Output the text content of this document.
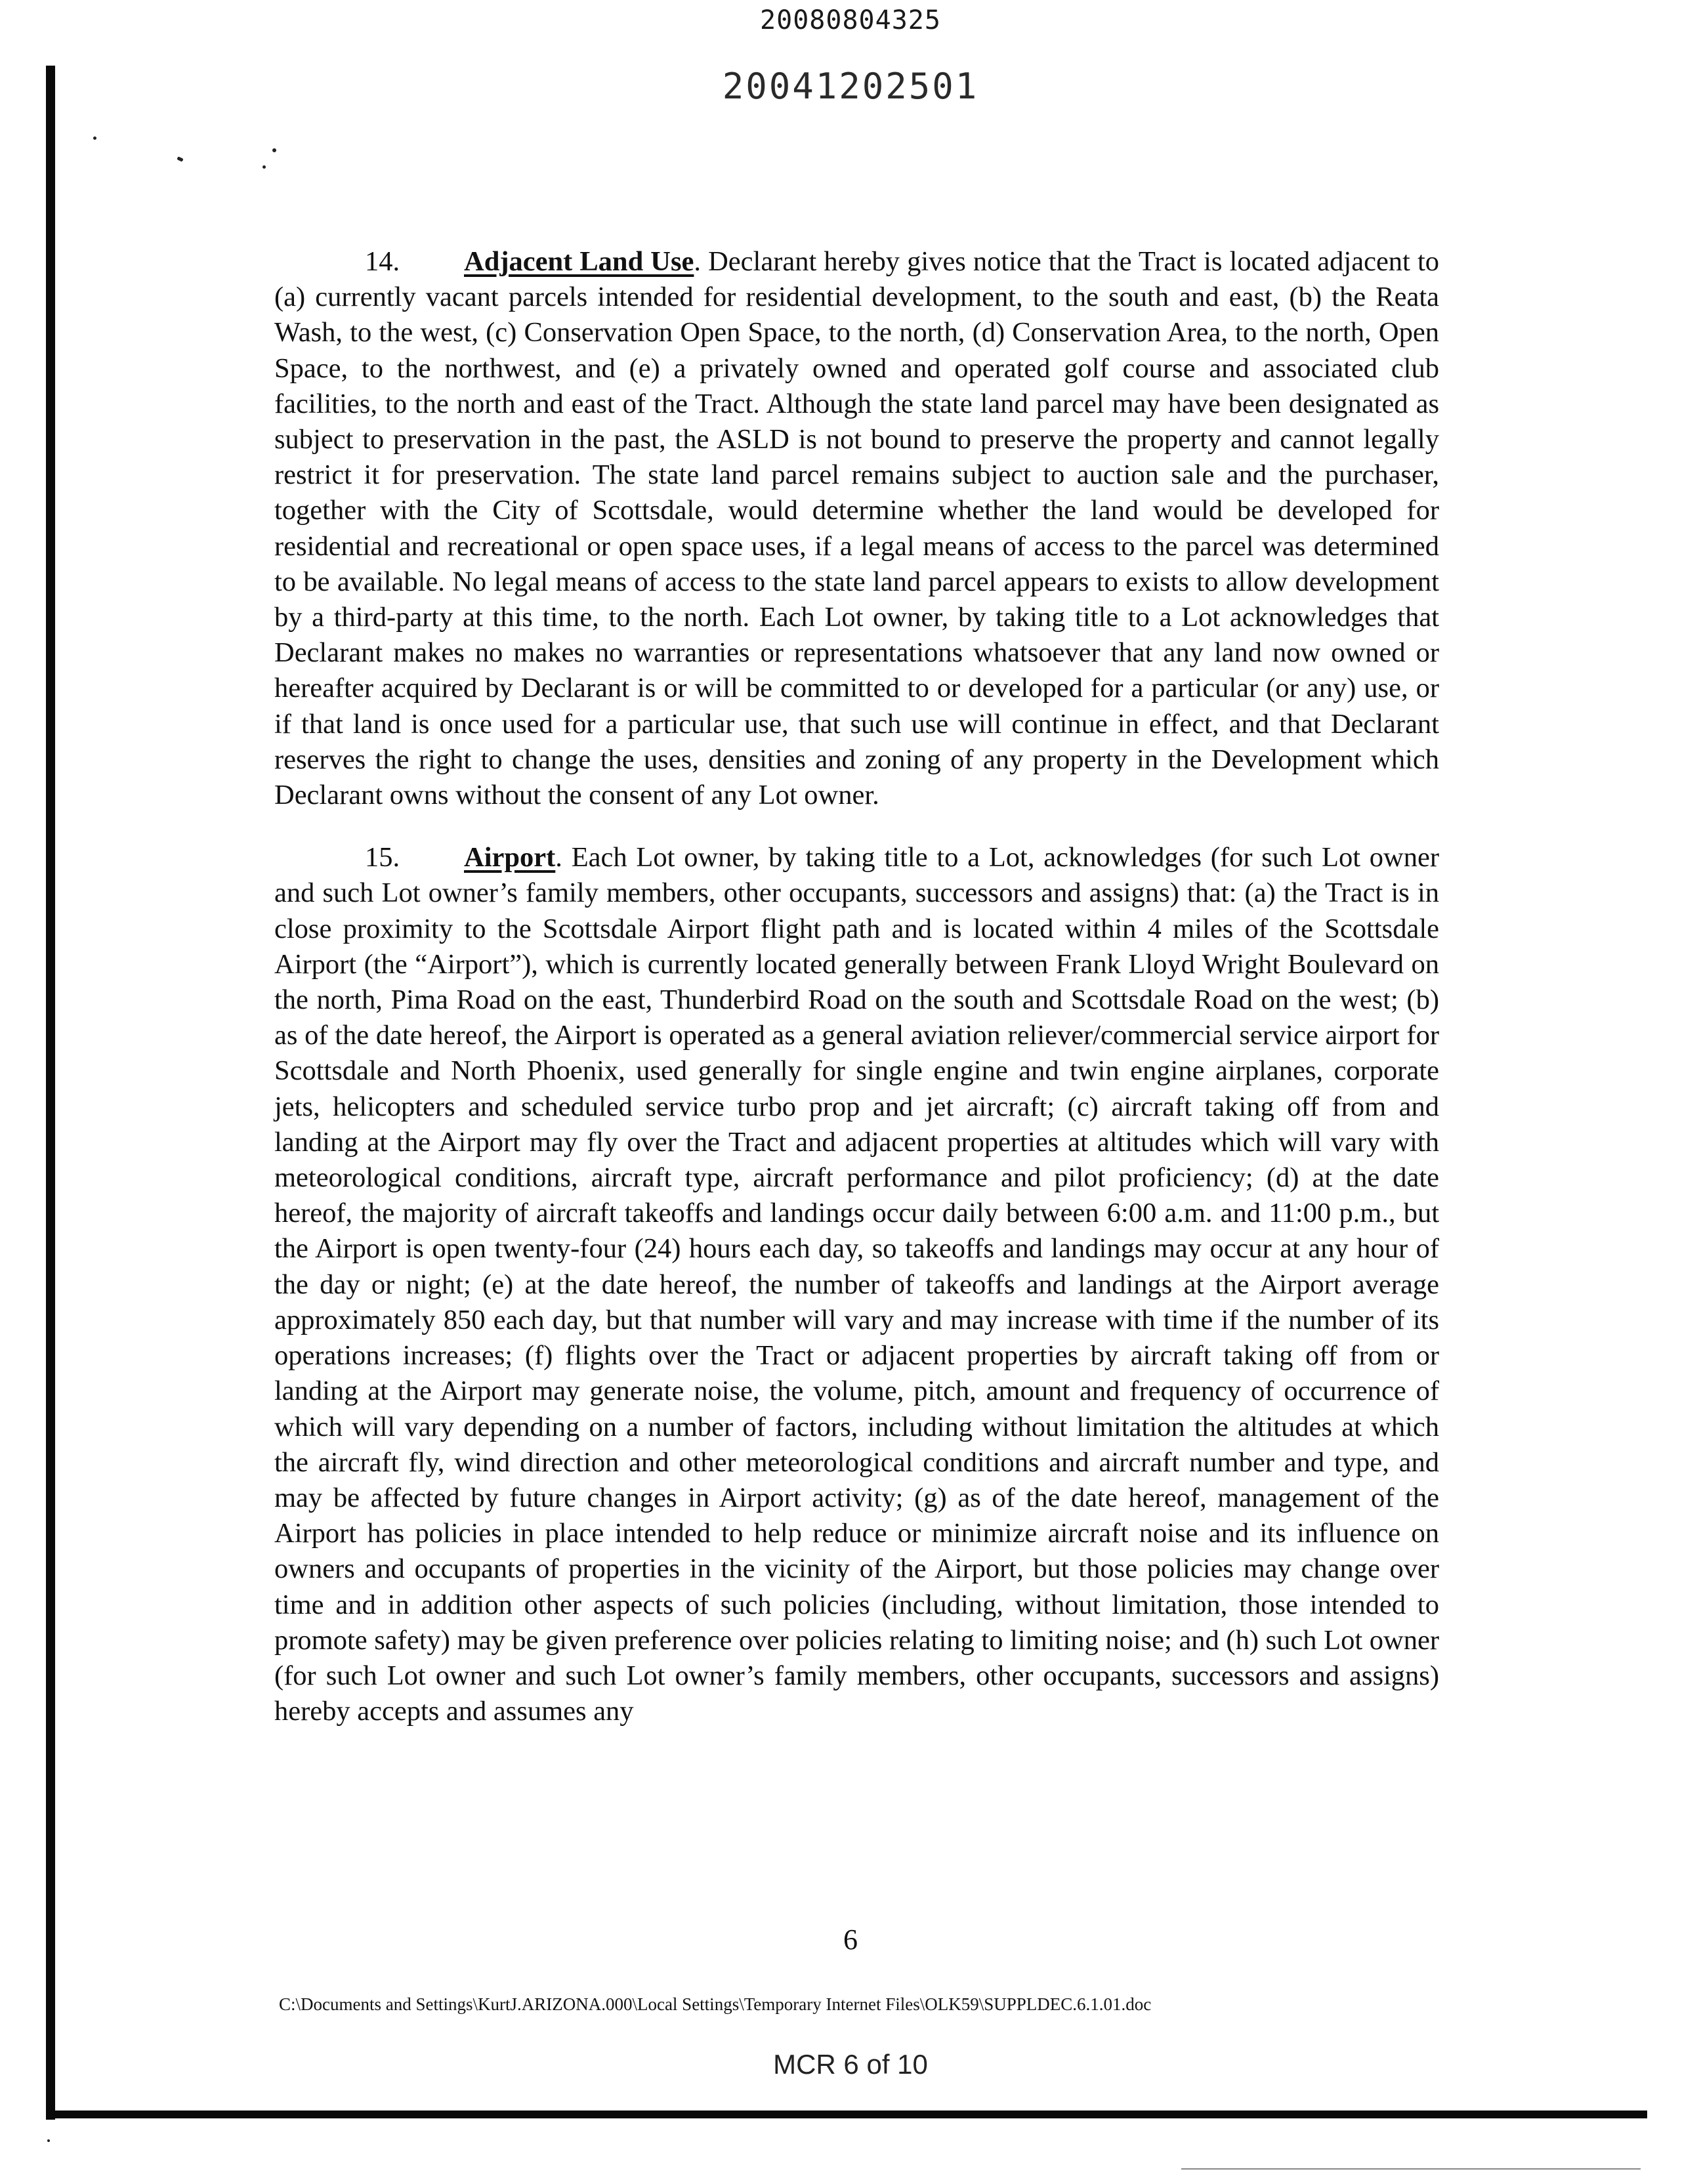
20080804325
20041202501

14. Adjacent Land Use. Declarant hereby gives notice that the Tract is located adjacent to (a) currently vacant parcels intended for residential development, to the south and east, (b) the Reata Wash, to the west, (c) Conservation Open Space, to the north, (d) Conservation Area, to the north, Open Space, to the northwest, and (e) a privately owned and operated golf course and associated club facilities, to the north and east of the Tract. Although the state land parcel may have been designated as subject to preservation in the past, the ASLD is not bound to preserve the property and cannot legally restrict it for preservation. The state land parcel remains subject to auction sale and the purchaser, together with the City of Scottsdale, would determine whether the land would be developed for residential and recreational or open space uses, if a legal means of access to the parcel was determined to be available. No legal means of access to the state land parcel appears to exists to allow development by a third-party at this time, to the north. Each Lot owner, by taking title to a Lot acknowledges that Declarant makes no makes no warranties or representations whatsoever that any land now owned or hereafter acquired by Declarant is or will be committed to or developed for a particular (or any) use, or if that land is once used for a particular use, that such use will continue in effect, and that Declarant reserves the right to change the uses, densities and zoning of any property in the Development which Declarant owns without the consent of any Lot owner.

15. Airport. Each Lot owner, by taking title to a Lot, acknowledges (for such Lot owner and such Lot owner’s family members, other occupants, successors and assigns) that: (a) the Tract is in close proximity to the Scottsdale Airport flight path and is located within 4 miles of the Scottsdale Airport (the “Airport”), which is currently located generally between Frank Lloyd Wright Boulevard on the north, Pima Road on the east, Thunderbird Road on the south and Scottsdale Road on the west; (b) as of the date hereof, the Airport is operated as a general aviation reliever/commercial service airport for Scottsdale and North Phoenix, used generally for single engine and twin engine airplanes, corporate jets, helicopters and scheduled service turbo prop and jet aircraft; (c) aircraft taking off from and landing at the Airport may fly over the Tract and adjacent properties at altitudes which will vary with meteorological conditions, aircraft type, aircraft performance and pilot proficiency; (d) at the date hereof, the majority of aircraft takeoffs and landings occur daily between 6:00 a.m. and 11:00 p.m., but the Airport is open twenty-four (24) hours each day, so takeoffs and landings may occur at any hour of the day or night; (e) at the date hereof, the number of takeoffs and landings at the Airport average approximately 850 each day, but that number will vary and may increase with time if the number of its operations increases; (f) flights over the Tract or adjacent properties by aircraft taking off from or landing at the Airport may generate noise, the volume, pitch, amount and frequency of occurrence of which will vary depending on a number of factors, including without limitation the altitudes at which the aircraft fly, wind direction and other meteorological conditions and aircraft number and type, and may be affected by future changes in Airport activity; (g) as of the date hereof, management of the Airport has policies in place intended to help reduce or minimize aircraft noise and its influence on owners and occupants of properties in the vicinity of the Airport, but those policies may change over time and in addition other aspects of such policies (including, without limitation, those intended to promote safety) may be given preference over policies relating to limiting noise; and (h) such Lot owner (for such Lot owner and such Lot owner’s family members, other occupants, successors and assigns) hereby accepts and assumes any

6
C:\Documents and Settings\KurtJ.ARIZONA.000\Local Settings\Temporary Internet Files\OLK59\SUPPLDEC.6.1.01.doc
MCR 6 of 10
